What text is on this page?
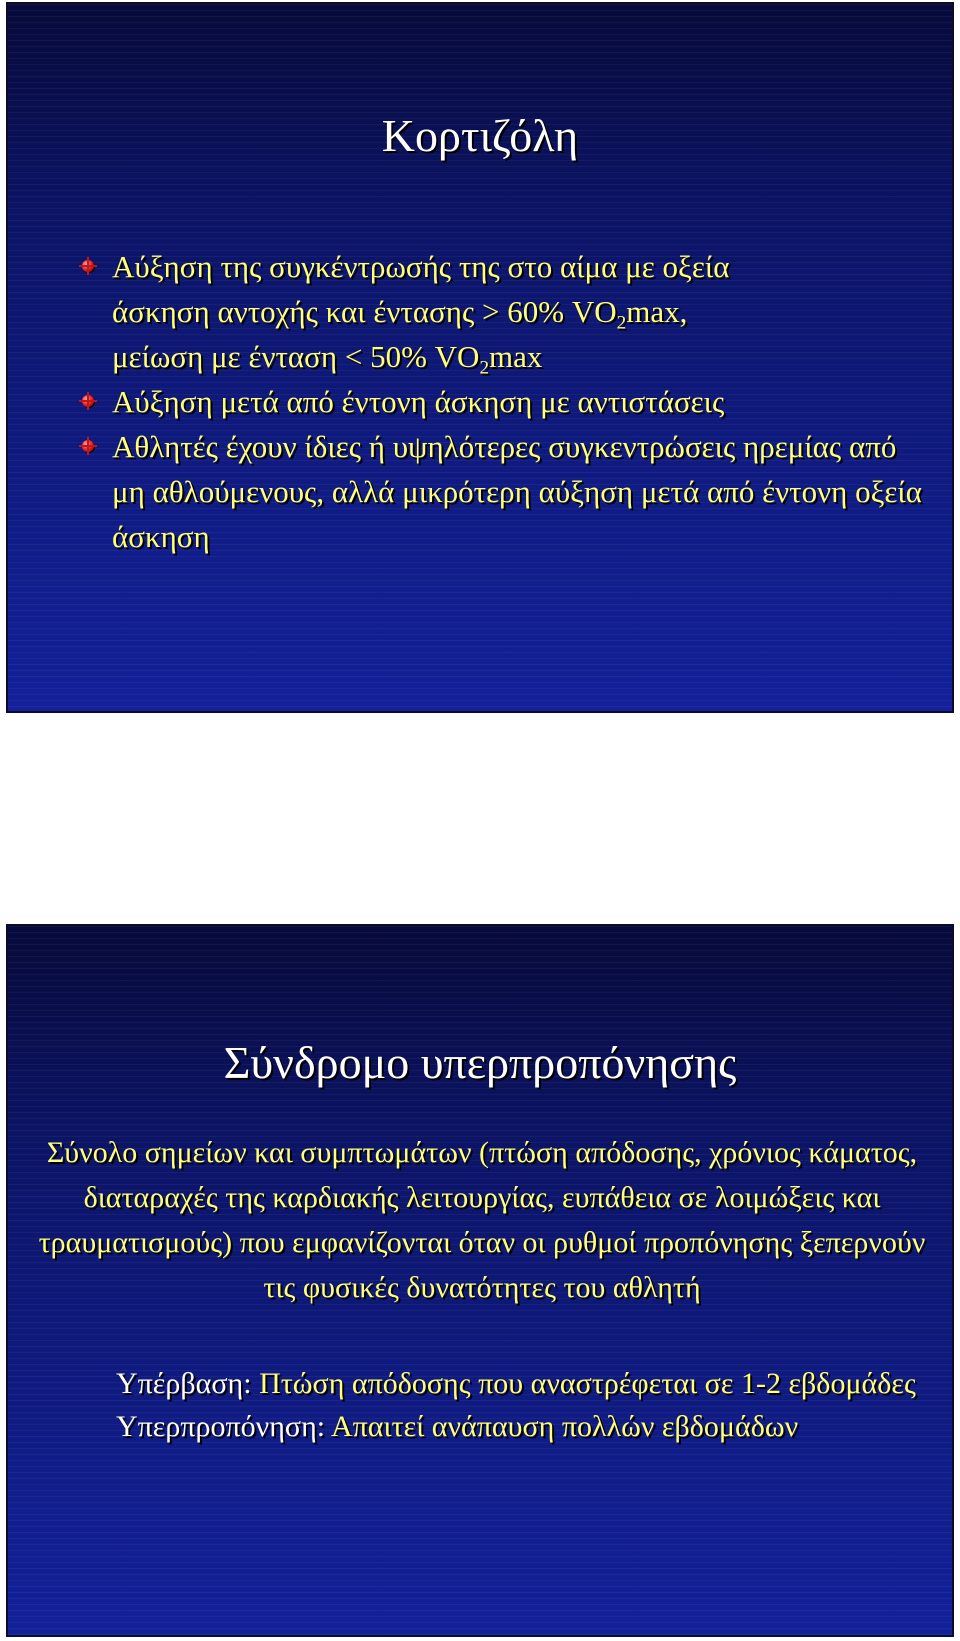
Κορτιζόλη
Αύξηση της συγκέντρωσής της στο αίμα με οξεία
άσκηση αντοχής και έντασης > 60% $VO_2\max$,
μείωση με ένταση < 50% $VO_2\max$
Αύξηση μετά από έντονη άσκηση με αντιστάσεις
Αθλητές έχουν ίδιες ή υψηλότερες συγκεντρώσεις ηρεμίας από μη αθλούμενους, αλλά μικρότερη αύξηση μετά από έντονη οξεία άσκηση
Σύνδρομο υπερπροπόνησης

Σύνολο σημείων και συμπτωμάτων (πτώση απόδοσης, χρόνιος κάματος, διαταραχές της καρδιακής λειτουργίας, ευπάθεια σε λοιμώξεις και τραυματισμούς) που εμφανίζονται όταν οι ρυθμοί προπόνησης ξεπερνούν τις φυσικές δυνατότητες του αθλητή

Υπέρβαση: Πτώση απόδοσης που αναστρέφεται σε 1-2 εβδομάδες

Υπερπροπόνηση: Απαιτεί ανάπαυση πολλών εβδομάδων
